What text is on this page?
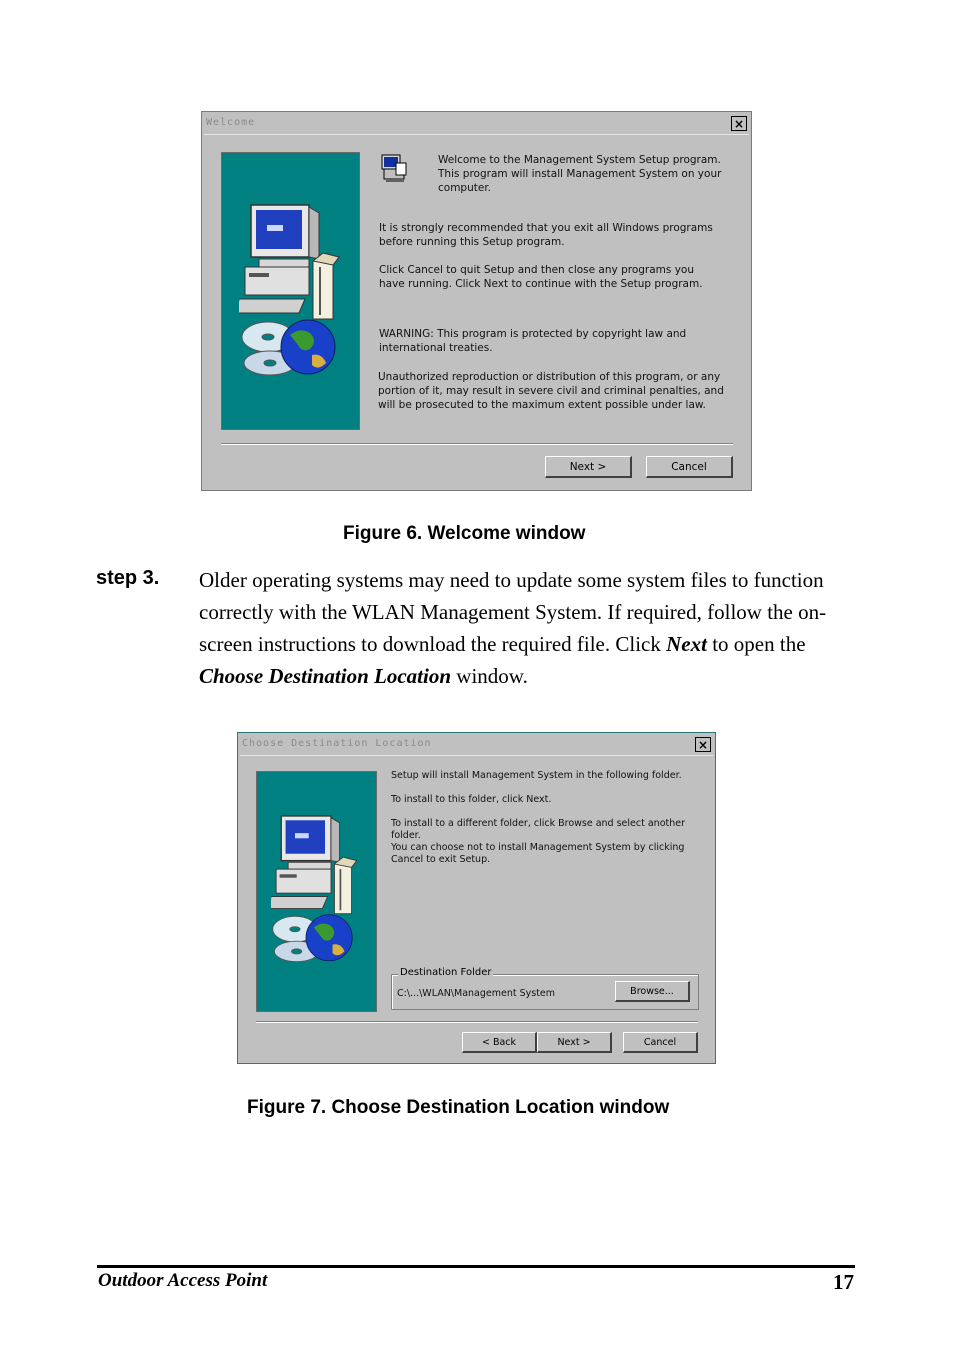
Welcome	×
Welcome to the Management System Setup program. This program will install Management System on your computer.
It is strongly recommended that you exit all Windows programs before running this Setup program.
Click Cancel to quit Setup and then close any programs you have running. Click Next to continue with the Setup program.
WARNING: This program is protected by copyright law and international treaties.
Unauthorized reproduction or distribution of this program, or any portion of it, may result in severe civil and criminal penalties, and will be prosecuted to the maximum extent possible under law.
Next >	Cancel
Figure 6. Welcome window
step 3. Older operating systems may need to update some system files to function correctly with the WLAN Management System. If required, follow the on-screen instructions to download the required file. Click Next to open the Choose Destination Location window.
Choose Destination Location	×
Setup will install Management System in the following folder.
To install to this folder, click Next.
To install to a different folder, click Browse and select another folder.
You can choose not to install Management System by clicking Cancel to exit Setup.
Destination Folder
C:\...\WLAN\Management System	Browse...
< Back	Next >	Cancel
Figure 7. Choose Destination Location window
Outdoor Access Point	17
